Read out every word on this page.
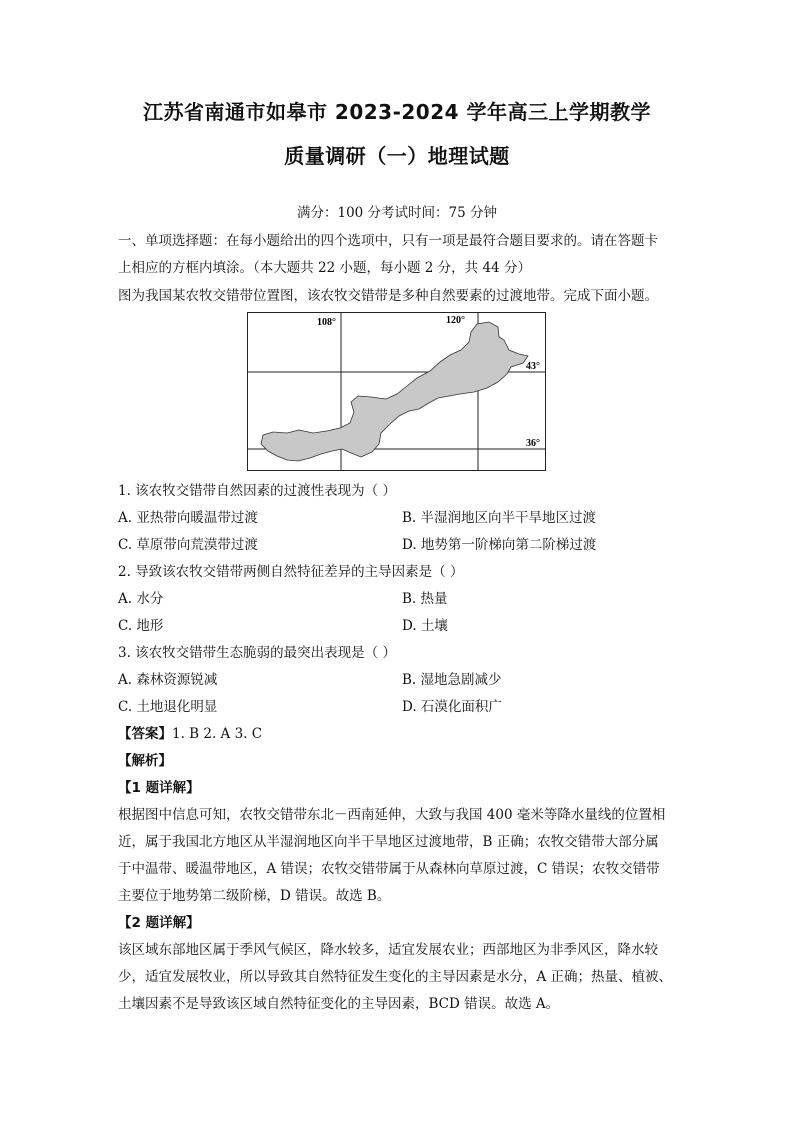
江苏省南通市如皋市 2023-2024 学年高三上学期教学
质量调研（一）地理试题
满分：100 分考试时间：75 分钟
一、单项选择题：在每小题给出的四个选项中，只有一项是最符合题目要求的。请在答题卡
上相应的方框内填涂。（本大题共 22 小题，每小题 2 分，共 44 分）
图为我国某农牧交错带位置图，该农牧交错带是多种自然要素的过渡地带。完成下面小题。
108°	120°
43°
36°
1. 该农牧交错带自然因素的过渡性表现为（ ）
A. 亚热带向暖温带过渡	B. 半湿润地区向半干旱地区过渡
C. 草原带向荒漠带过渡	D. 地势第一阶梯向第二阶梯过渡
2. 导致该农牧交错带两侧自然特征差异的主导因素是（ ）
A. 水分	B. 热量
C. 地形	D. 土壤
3. 该农牧交错带生态脆弱的最突出表现是（ ）
A. 森林资源锐减	B. 湿地急剧减少
C. 土地退化明显	D. 石漠化面积广
【答案】1. B 2. A 3. C
【解析】
【1 题详解】
根据图中信息可知，农牧交错带东北－西南延伸，大致与我国 400 毫米等降水量线的位置相
近，属于我国北方地区从半湿润地区向半干旱地区过渡地带，B 正确；农牧交错带大部分属
于中温带、暖温带地区，A 错误；农牧交错带属于从森林向草原过渡，C 错误；农牧交错带
主要位于地势第二级阶梯，D 错误。故选 B。
【2 题详解】
该区域东部地区属于季风气候区，降水较多，适宜发展农业；西部地区为非季风区，降水较
少，适宜发展牧业，所以导致其自然特征发生变化的主导因素是水分，A 正确；热量、植被、
土壤因素不是导致该区域自然特征变化的主导因素，BCD 错误。故选 A。
